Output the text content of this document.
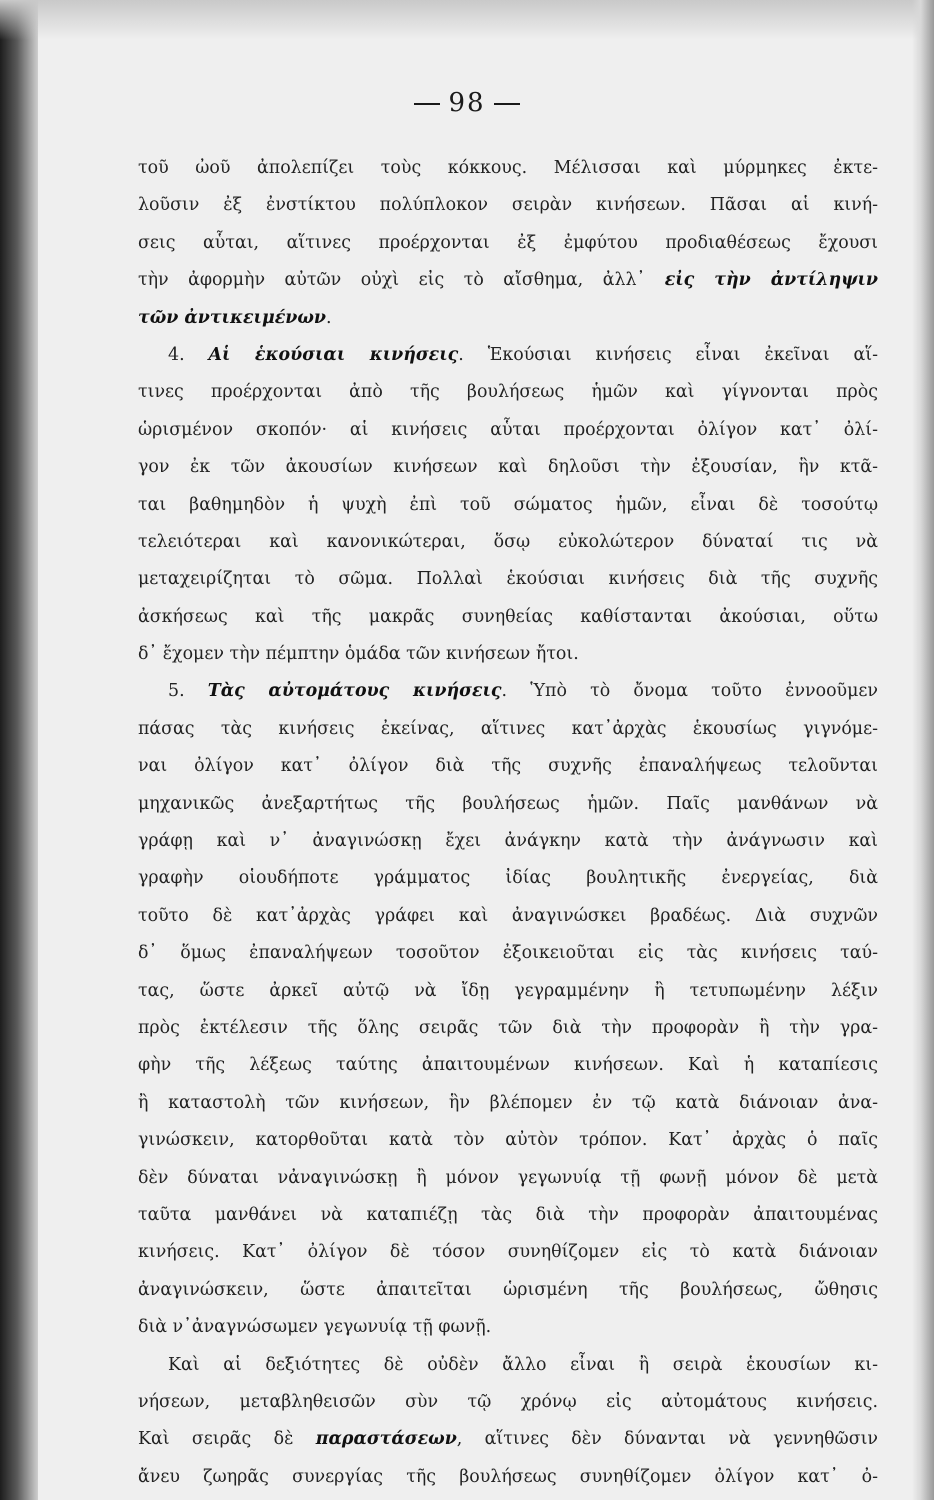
98
τοῦ ὠοῦ ἀπολεπίζει τοὺς κόκκους. Μέλισσαι καὶ μύρμηκες ἐκτε-
λοῦσιν ἐξ ἐνστίκτου πολύπλοκον σειρὰν κινήσεων. Πᾶσαι αἱ κινή-
σεις αὗται, αἵτινες προέρχονται ἐξ ἐμφύτου προδιαθέσεως ἔχουσι
τὴν ἀφορμὴν αὐτῶν οὐχὶ εἰς τὸ αἴσθημα, ἀλλ᾽ εἰς τὴν ἀντίληψιν
τῶν ἀντικειμένων.
4. Αἱ ἑκούσιαι κινήσεις. Ἑκούσιαι κινήσεις εἶναι ἐκεῖναι αἵ-
τινες προέρχονται ἀπὸ τῆς βουλήσεως ἡμῶν καὶ γίγνονται πρὸς
ὡρισμένον σκοπόν· αἱ κινήσεις αὗται προέρχονται ὀλίγον κατ᾽ ὀλί-
γον ἐκ τῶν ἀκουσίων κινήσεων καὶ δηλοῦσι τὴν ἐξουσίαν, ἣν κτᾶ-
ται βαθημηδὸν ἡ ψυχὴ ἐπὶ τοῦ σώματος ἡμῶν, εἶναι δὲ τοσούτῳ
τελειότεραι καὶ κανονικώτεραι, ὅσῳ εὐκολώτερον δύναταί τις νὰ
μεταχειρίζηται τὸ σῶμα. Πολλαὶ ἑκούσιαι κινήσεις διὰ τῆς συχνῆς
ἀσκήσεως καὶ τῆς μακρᾶς συνηθείας καθίστανται ἀκούσιαι, οὕτω
δ᾽ ἔχομεν τὴν πέμπτην ὁμάδα τῶν κινήσεων ἤτοι.
5. Τὰς αὐτομάτους κινήσεις. Ὑπὸ τὸ ὄνομα τοῦτο ἐννοοῦμεν
πάσας τὰς κινήσεις ἐκείνας, αἵτινες κατ᾽ἀρχὰς ἑκουσίως γιγνόμε-
ναι ὀλίγον κατ᾽ ὀλίγον διὰ τῆς συχνῆς ἐπαναλήψεως τελοῦνται
μηχανικῶς ἀνεξαρτήτως τῆς βουλήσεως ἡμῶν. Παῖς μανθάνων νὰ
γράφῃ καὶ ν᾽ ἀναγινώσκῃ ἔχει ἀνάγκην κατὰ τὴν ἀνάγνωσιν καὶ
γραφὴν οἱουδήποτε γράμματος ἰδίας βουλητικῆς ἐνεργείας, διὰ
τοῦτο δὲ κατ᾽ἀρχὰς γράφει καὶ ἀναγινώσκει βραδέως. Διὰ συχνῶν
δ᾽ ὅμως ἐπαναλήψεων τοσοῦτον ἐξοικειοῦται εἰς τὰς κινήσεις ταύ-
τας, ὥστε ἀρκεῖ αὐτῷ νὰ ἴδῃ γεγραμμένην ἢ τετυπωμένην λέξιν
πρὸς ἐκτέλεσιν τῆς ὅλης σειρᾶς τῶν διὰ τὴν προφορὰν ἢ τὴν γρα-
φὴν τῆς λέξεως ταύτης ἀπαιτουμένων κινήσεων. Καὶ ἡ καταπίεσις
ἢ καταστολὴ τῶν κινήσεων, ἣν βλέπομεν ἐν τῷ κατὰ διάνοιαν ἀνα-
γινώσκειν, κατορθοῦται κατὰ τὸν αὐτὸν τρόπον. Κατ᾽ ἀρχὰς ὁ παῖς
δὲν δύναται νἀναγινώσκῃ ἢ μόνον γεγωνυίᾳ τῇ φωνῇ μόνον δὲ μετὰ
ταῦτα μανθάνει νὰ καταπιέζῃ τὰς διὰ τὴν προφορὰν ἀπαιτουμένας
κινήσεις. Κατ᾽ ὀλίγον δὲ τόσον συνηθίζομεν εἰς τὸ κατὰ διάνοιαν
ἀναγινώσκειν, ὥστε ἀπαιτεῖται ὡρισμένη τῆς βουλήσεως, ὤθησις
διὰ ν᾽ἀναγνώσωμεν γεγωνυίᾳ τῇ φωνῇ.
Καὶ αἱ δεξιότητες δὲ οὐδὲν ἄλλο εἶναι ἢ σειρὰ ἑκουσίων κι-
νήσεων, μεταβληθεισῶν σὺν τῷ χρόνῳ εἰς αὐτομάτους κινήσεις.
Καὶ σειρᾶς δὲ παραστάσεων, αἵτινες δὲν δύνανται νὰ γεννηθῶσιν
ἄνευ ζωηρᾶς συνεργίας τῆς βουλήσεως συνηθίζομεν ὀλίγον κατ᾽ ὀ-
